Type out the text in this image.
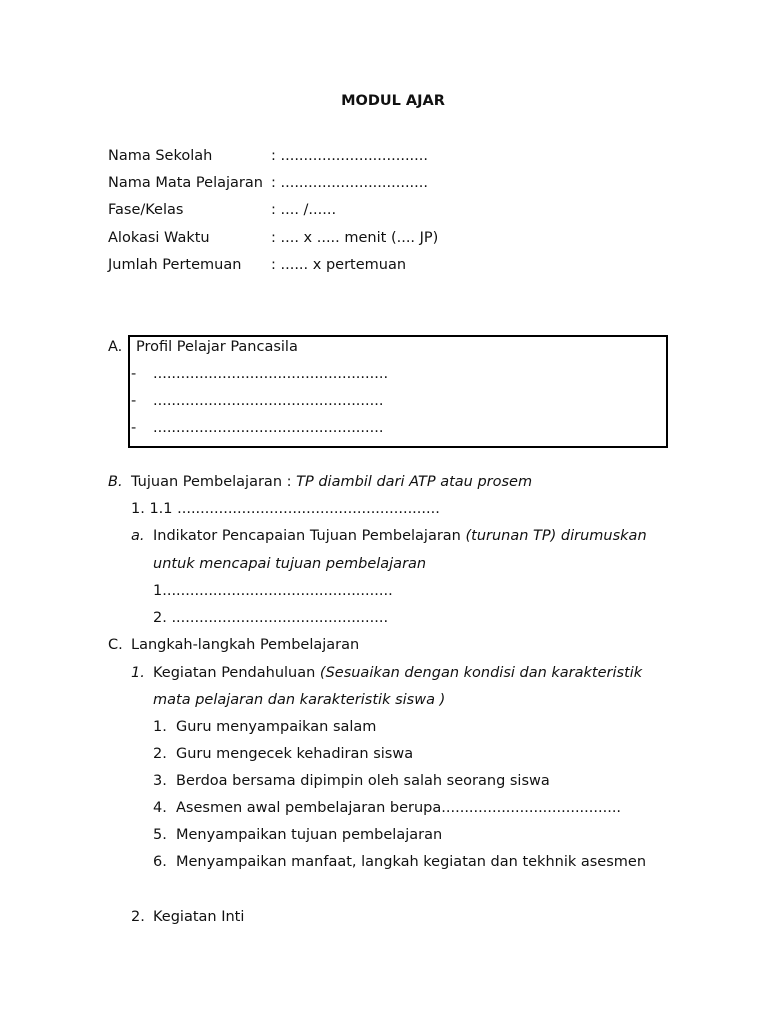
MODUL AJAR
Nama Sekolah	: ................................
Nama Mata Pelajaran : ................................
Fase/Kelas	: .... /......
Alokasi Waktu	: .... x ..... menit (.... JP)
Jumlah Pertemuan : ...... x pertemuan
A. Profil Pelajar Pancasila
- ...................................................
- ..................................................
- ..................................................
B. Tujuan Pembelajaran : TP diambil dari ATP atau prosem
1. 1.1 .........................................................
a. Indikator Pencapaian Tujuan Pembelajaran (turunan TP) dirumuskan
untuk mencapai tujuan pembelajaran
1..................................................
2. ...............................................
C. Langkah-langkah Pembelajaran
1. Kegiatan Pendahuluan (Sesuaikan dengan kondisi dan karakteristik
mata pelajaran dan karakteristik siswa )
1. Guru menyampaikan salam
2. Guru mengecek kehadiran siswa
3. Berdoa bersama dipimpin oleh salah seorang siswa
4. Asesmen awal pembelajaran berupa.......................................
5. Menyampaikan tujuan pembelajaran
6. Menyampaikan manfaat, langkah kegiatan dan tekhnik asesmen
2. Kegiatan Inti
